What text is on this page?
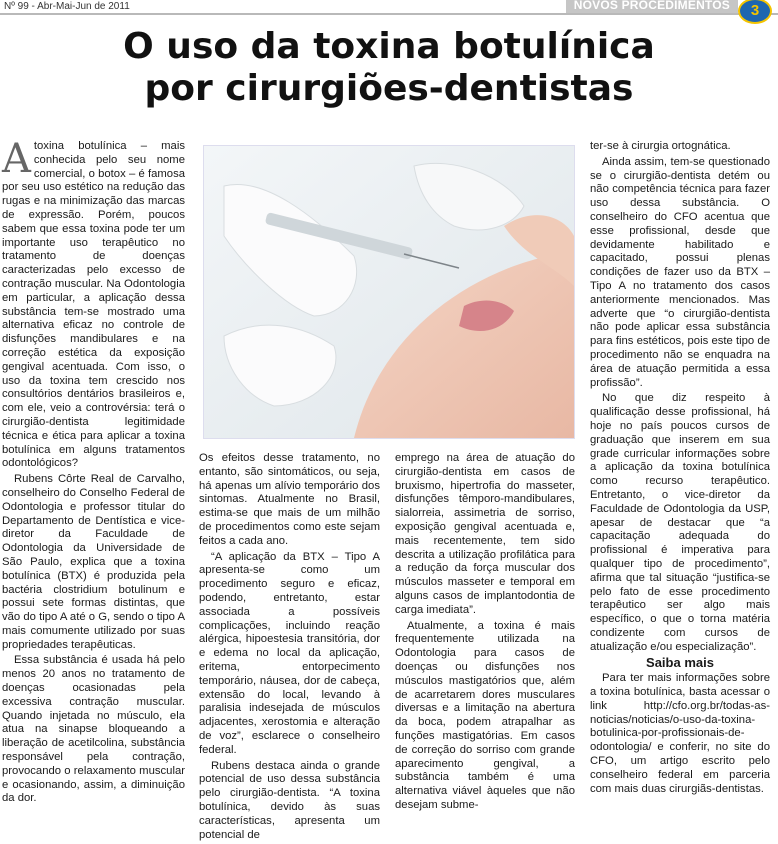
Nº 99 - Abr-Mai-Jun de 2011	NOVOS PROCEDIMENTOS	3
O uso da toxina botulínica
por cirurgiões-dentistas

Atoxina botulínica – mais conhecida pelo seu nome comercial, o botox – é famosa por seu uso estético na redução das rugas e na minimização das marcas de expressão. Porém, poucos sabem que essa toxina pode ter um importante uso terapêutico no tratamento de doenças caracterizadas pelo excesso de contração muscular. Na Odontologia em particular, a aplicação dessa substância tem-se mostrado uma alternativa eficaz no controle de disfunções mandibulares e na correção estética da exposição gengival acentuada. Com isso, o uso da toxina tem crescido nos consultórios dentários brasileiros e, com ele, veio a controvérsia: terá o cirurgião-dentista legitimidade técnica e ética para aplicar a toxina botulínica em alguns tratamentos odontológicos?

Rubens Côrte Real de Carvalho, conselheiro do Conselho Federal de Odontologia e professor titular do Departamento de Dentística e vice-diretor da Faculdade de Odontologia da Universidade de São Paulo, explica que a toxina botulínica (BTX) é produzida pela bactéria clostridium botulinum e possui sete formas distintas, que vão do tipo A até o G, sendo o tipo A mais comumente utilizado por suas propriedades terapêuticas.

Essa substância é usada há pelo menos 20 anos no tratamento de doenças ocasionadas pela excessiva contração muscular. Quando injetada no músculo, ela atua na sinapse bloqueando a liberação de acetilcolina, substância responsável pela contração, provocando o relaxamento muscular e ocasionando, assim, a diminuição da dor.

Os efeitos desse tratamento, no entanto, são sintomáticos, ou seja, há apenas um alívio temporário dos sintomas. Atualmente no Brasil, estima-se que mais de um milhão de procedimentos como este sejam feitos a cada ano.

“A aplicação da BTX – Tipo A apresenta-se como um procedimento seguro e eficaz, podendo, entretanto, estar associada a possíveis complicações, incluindo reação alérgica, hipoestesia transitória, dor e edema no local da aplicação, eritema, entorpecimento temporário, náusea, dor de cabeça, extensão do local, levando à paralisia indesejada de músculos adjacentes, xerostomia e alteração de voz”, esclarece o conselheiro federal.

Rubens destaca ainda o grande potencial de uso dessa substância pelo cirurgião-dentista. “A toxina botulínica, devido às suas características, apresenta um potencial de

emprego na área de atuação do cirurgião-dentista em casos de bruxismo, hipertrofia do masseter, disfunções têmporo-mandibulares, sialorreia, assimetria de sorriso, exposição gengival acentuada e, mais recentemente, tem sido descrita a utilização profilática para a redução da força muscular dos músculos masseter e temporal em alguns casos de implantodontia de carga imediata”.

Atualmente, a toxina é mais frequentemente utilizada na Odontologia para casos de doenças ou disfunções nos músculos mastigatórios que, além de acarretarem dores musculares diversas e a limitação na abertura da boca, podem atrapalhar as funções mastigatórias. Em casos de correção do sorriso com grande aparecimento gengival, a substância também é uma alternativa viável àqueles que não desejam subme-

ter-se à cirurgia ortognática.

Ainda assim, tem-se questionado se o cirurgião-dentista detém ou não competência técnica para fazer uso dessa substância. O conselheiro do CFO acentua que esse profissional, desde que devidamente habilitado e capacitado, possui plenas condições de fazer uso da BTX – Tipo A no tratamento dos casos anteriormente mencionados. Mas adverte que “o cirurgião-dentista não pode aplicar essa substância para fins estéticos, pois este tipo de procedimento não se enquadra na área de atuação permitida a essa profissão”.

No que diz respeito à qualificação desse profissional, há hoje no país poucos cursos de graduação que inserem em sua grade curricular informações sobre a aplicação da toxina botulínica como recurso terapêutico. Entretanto, o vice-diretor da Faculdade de Odontologia da USP, apesar de destacar que “a capacitação adequada do profissional é imperativa para qualquer tipo de procedimento”, afirma que tal situação “justifica-se pelo fato de esse procedimento terapêutico ser algo mais específico, o que o torna matéria condizente com cursos de atualização e/ou especialização”.

Saiba mais

Para ter mais informações sobre a toxina botulínica, basta acessar o link http://cfo.org.br/todas-as-noticias/noticias/o-uso-da-toxina-botulinica-por-profissionais-de-odontologia/ e conferir, no site do CFO, um artigo escrito pelo conselheiro federal em parceria com mais duas cirurgiãs-dentistas.
